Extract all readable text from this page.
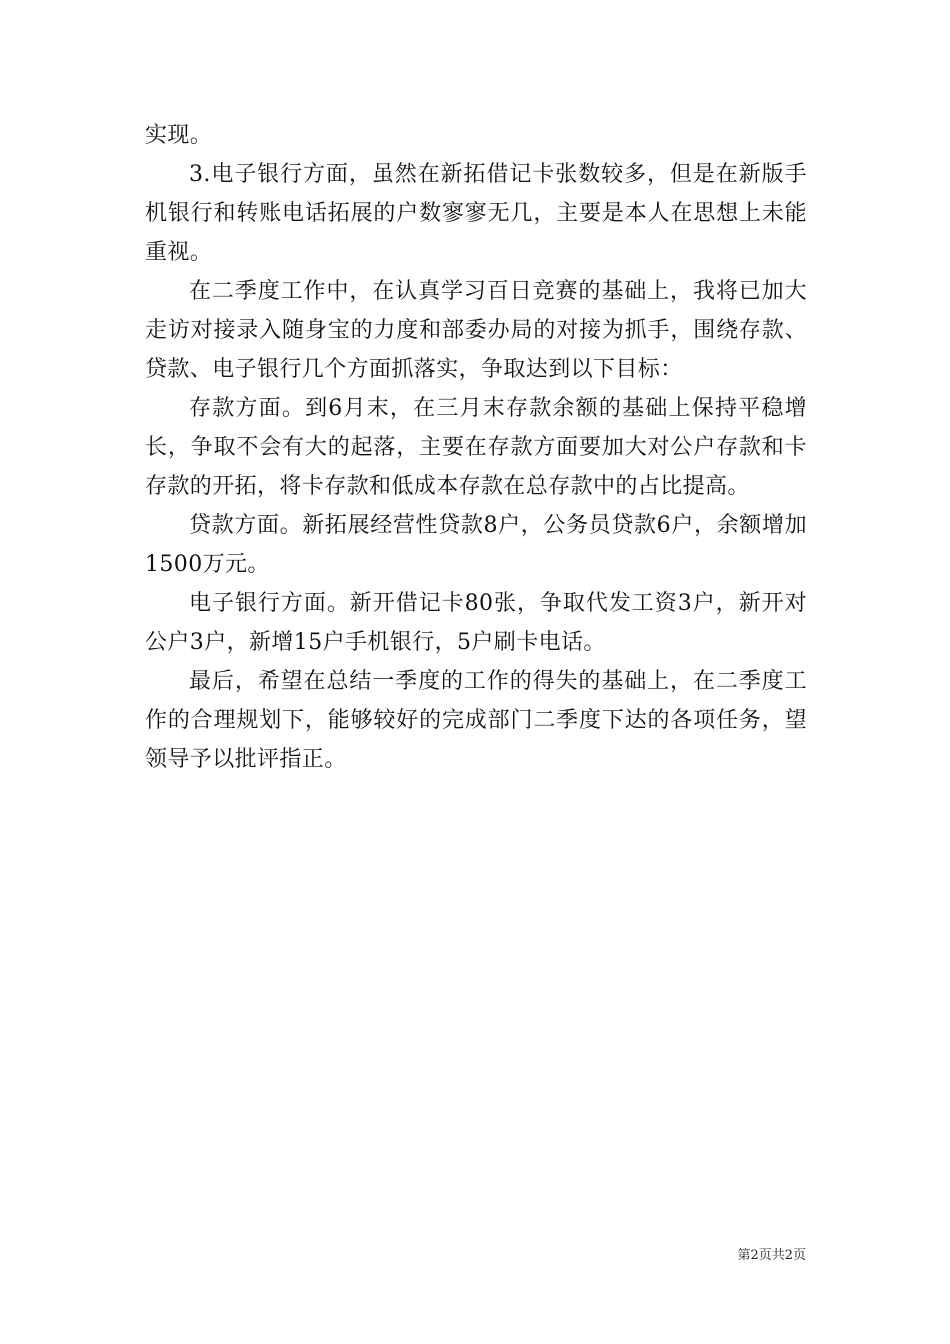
实现。

3.电子银行方面，虽然在新拓借记卡张数较多，但是在新版手机银行和转账电话拓展的户数寥寥无几，主要是本人在思想上未能重视。

在二季度工作中，在认真学习百日竞赛的基础上，我将已加大走访对接录入随身宝的力度和部委办局的对接为抓手，围绕存款、贷款、电子银行几个方面抓落实，争取达到以下目标：

存款方面。到6月末，在三月末存款余额的基础上保持平稳增长，争取不会有大的起落，主要在存款方面要加大对公户存款和卡存款的开拓，将卡存款和低成本存款在总存款中的占比提高。

贷款方面。新拓展经营性贷款8户，公务员贷款6户，余额增加1500万元。

电子银行方面。新开借记卡80张，争取代发工资3户，新开对公户3户，新增15户手机银行，5户刷卡电话。

最后，希望在总结一季度的工作的得失的基础上，在二季度工作的合理规划下，能够较好的完成部门二季度下达的各项任务，望领导予以批评指正。

第2页共2页
